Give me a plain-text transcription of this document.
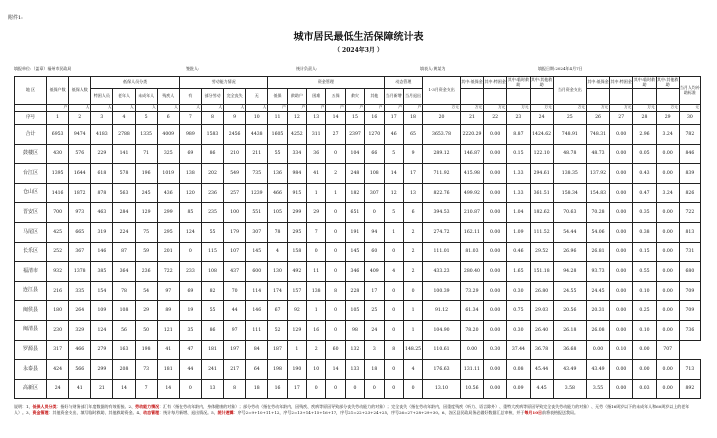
附件1:
城市居民最低生活保障统计表
（ 2024年3月 ）
填报单位:（盖章）福州市民政局	签批人:	统计负责人:	填表人:黄某为	填报日期:2024年4月7日
地 区	低保户数	低保人数	低保人员分类				劳动能力情况				资金管理						动态管理		1-3月资金支出	其中:低保金	其中:特困金	其中:临时救助	其中:其他救助	当月资金支出	其中:低保金	其中:特困金	其中:临时救助	其中:其他救助	当月人均补助标准
			特困人员	老年人	未成年人	残疾人	有	部分劳动	完全丧失	无	低保	救助户	困难	五保	救灾	其他	当月新增	当月退出											
	户	人	人	人	人	人	人	人	人	人	户	户	户	户	户	户	户	户	万元	万元	万元	万元	万元	万元	万元	万元	万元	万元	元
序号	1	2	3	4	5	6	7	8	9	10	11	12	13	14	15	16	17	18	20	21	22	23	24	25	26	27	28	29	30
合计	6953	9474	4183	2788	1335	4009	989	1583	2456	4438	1605	4252	311	27	2397	1270	46	65	3653.78	2220.29	0.00	8.87	1424.62	748.91	748.31	0.00	2.96	3.24	782
鼓楼区	430	576	229	141	71	325	69	86	210	211	55	334	36	0	104	66	5	9	289.12	146.87	0.00	0.15	122.10	48.78	48.73	0.00	0.05	0.00	846
台江区	1395	1644	618	578	196	1019	138	202	549	735	136	984	41	2	248	108	14	17	711.92	415.98	0.00	1.33	294.61	138.35	137.92	0.00	0.43	0.00	839
仓山区	1416	1872	878	563	245	436	120	236	257	1239	466	915	1	1	182	307	12	13	822.76	499.92	0.00	1.33	361.51	158.34	154.83	0.00	0.47	3.24	826
晋安区	700	973	463	284	129	299	85	235	100	551	105	299	29	0	651	0	5	6	394.53	210.87	0.00	1.04	182.62	70.63	70.28	0.00	0.35	0.00	722
马尾区	425	665	319	224	75	295	124	55	179	307	78	295	7	0	191	94	1	2	274.72	162.11	0.00	1.09	111.52	54.44	54.06	0.00	0.38	0.00	813
长乐区	252	367	146	87	59	201	0	115	107	145	4	158	0	0	145	60	0	2	111.01	81.03	0.00	0.46	29.52	26.96	26.81	0.00	0.15	0.00	731
福清市	932	1378	385	364	236	722	233	108	437	600	130	492	11	0	346	409	4	2	433.23	280.40	0.00	1.65	151.18	94.28	93.73	0.00	0.55	0.00	680
连江县	216	335	154	78	54	97	69	82	70	114	174	157	138	8	228	17	0	0	100.39	73.29	0.00	0.30	26.80	24.55	24.45	0.00	0.10	0.00	709
闽侯县	180	264	109	108	29	89	19	55	44	146	67	92	1	0	105	25	0	1	91.12	61.34	0.00	0.75	29.03	20.56	20.31	0.00	0.25	0.00	709
闽清县	230	329	124	56	50	121	35	86	97	111	52	129	16	0	98	24	0	1	104.90	78.20	0.00	0.30	26.40	26.18	26.08	0.00	0.10	0.00	736
罗源县	317	466	279	163	198	41	47	181	197	84	187	1	2	60	132	3	8	148.25	110.61	0.00	0.30	37.44	36.78	36.68	0.00	0.10	0.00	707	
永泰县	424	566	299	208	73	181	44	241	217	64	198	190	10	14	133	18	0	4	176.63	131.11	0.00	0.08	45.44	43.49	43.49	0.00	0.00	0.00	713
高新区	24	41	21	14	7	14	0	13	8	18	16	17	0	0	0	0	0	0	13.10	10.56	0.00	0.09	4.45	3.58	3.55	0.00	0.03	0.00	892
说明：1、低保人员分类：指好与财务部门年度数据的有效衔接。2、劳动能力情况：汇有（指在劳动年龄内，身体健康的对象）；部分劳动（指在劳动年龄内，因残疾、疾病等原因导致部分丧失劳动能力的对象）；完全丧失（指在劳动年龄内，因重度残疾（听力、语言除外）、重特大疾病等原因导致完全丧失劳动能力的对象）、无劳（指16周岁以下的未成年人和60周岁以上的老年人）。3、资金管理：其他资金支出，填写临时救助、其他救助资金。4、动态管理：统计每月新增、退出情况。5、统计逻辑：序号2=9+10+11+12，序号2=13+14+15+16+17，序号21=22+23+24+25，序号26=27+28+29+30。6、各区县民政局务必做好数据汇总审核，并于每月10日前将表格报送我局。
